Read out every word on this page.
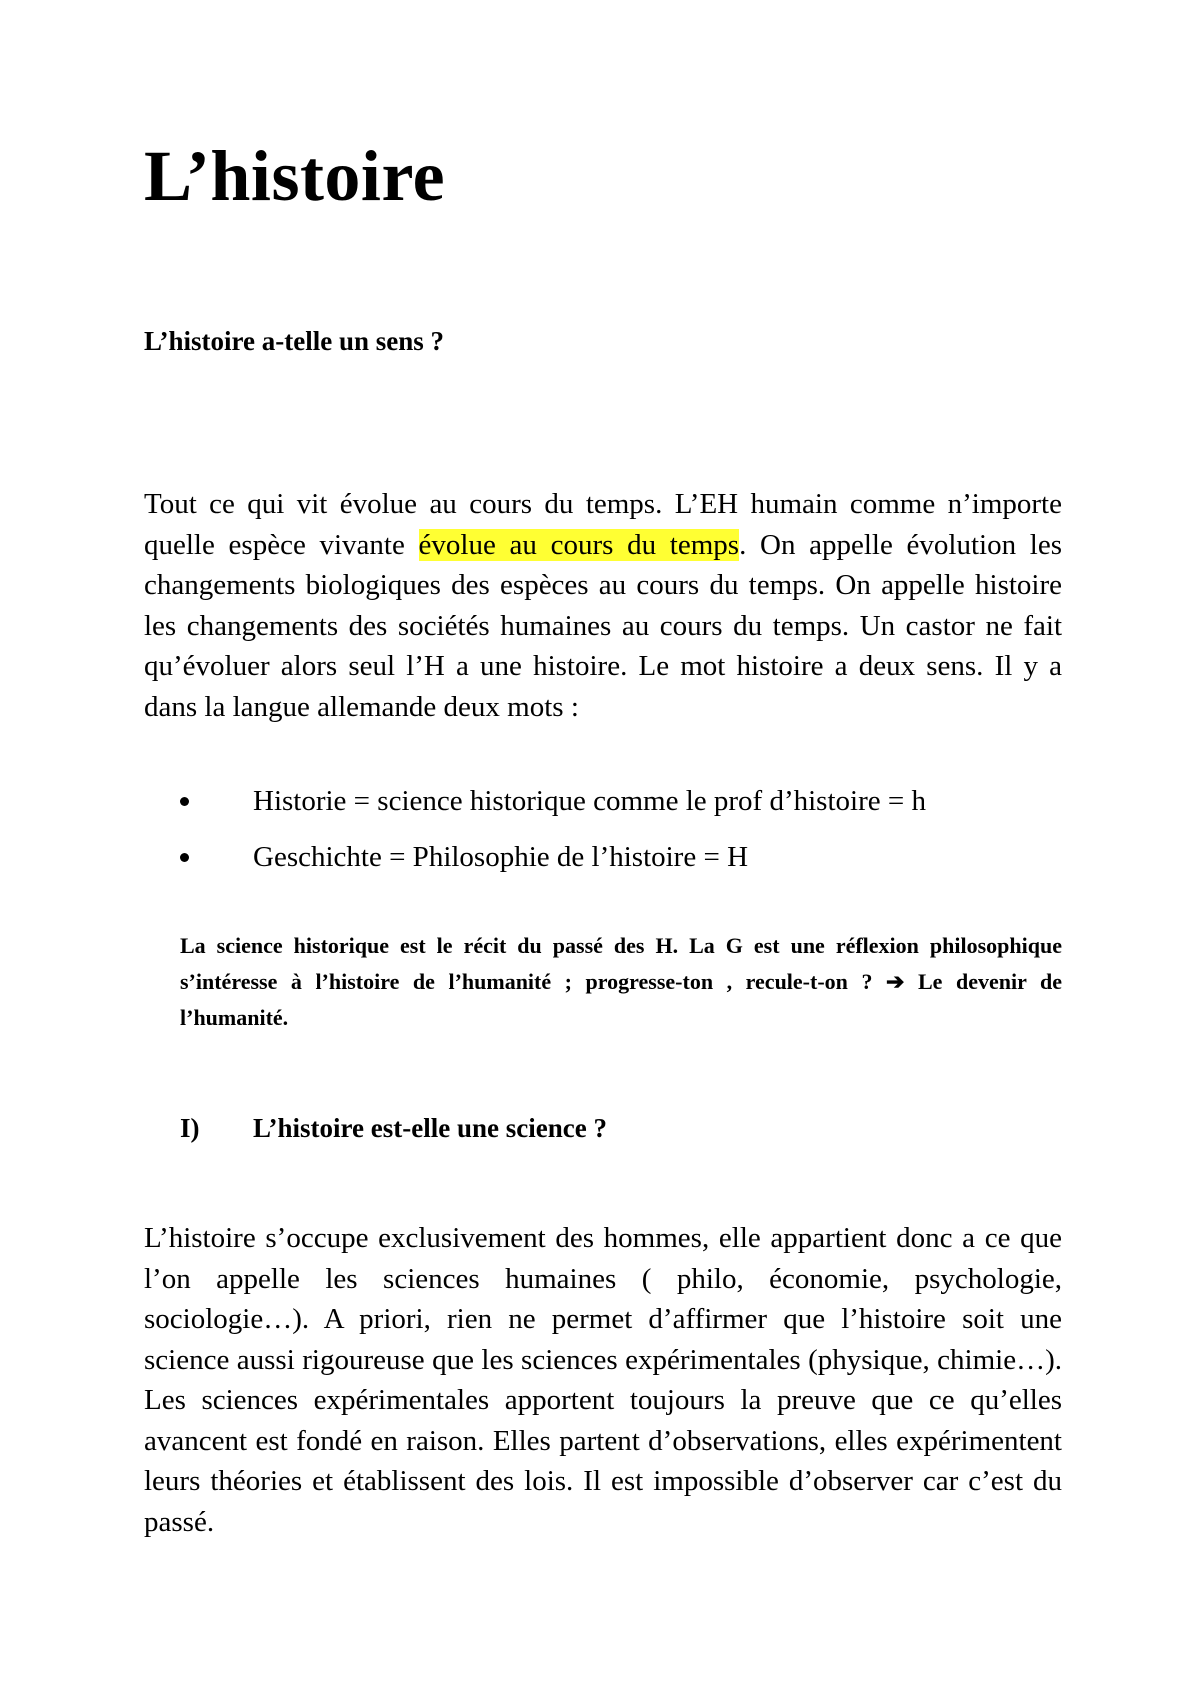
L’histoire
L’histoire a-telle un sens ?

Tout ce qui vit évolue au cours du temps. L’EH humain comme n’importe quelle espèce vivante évolue au cours du temps. On appelle évolution les changements biologiques des espèces au cours du temps. On appelle histoire les changements des sociétés humaines au cours du temps. Un castor ne fait qu’évoluer alors seul l’H a une histoire. Le mot histoire a deux sens. Il y a dans la langue allemande deux mots :

Historie = science historique comme le prof d’histoire = h
Geschichte = Philosophie de l’histoire = H

La science historique est le récit du passé des H. La G est une réflexion philosophique s’intéresse à l’histoire de l’humanité ; progresse-ton , recule-t-on ? ➔ Le devenir de l’humanité.

I) L’histoire est-elle une science ?

L’histoire s’occupe exclusivement des hommes, elle appartient donc a ce que l’on appelle les sciences humaines ( philo, économie, psychologie, sociologie…). A priori, rien ne permet d’affirmer que l’histoire soit une science aussi rigoureuse que les sciences expérimentales (physique, chimie…). Les sciences expérimentales apportent toujours la preuve que ce qu’elles avancent est fondé en raison. Elles partent d’observations, elles expérimentent leurs théories et établissent des lois. Il est impossible d’observer car c’est du passé.
